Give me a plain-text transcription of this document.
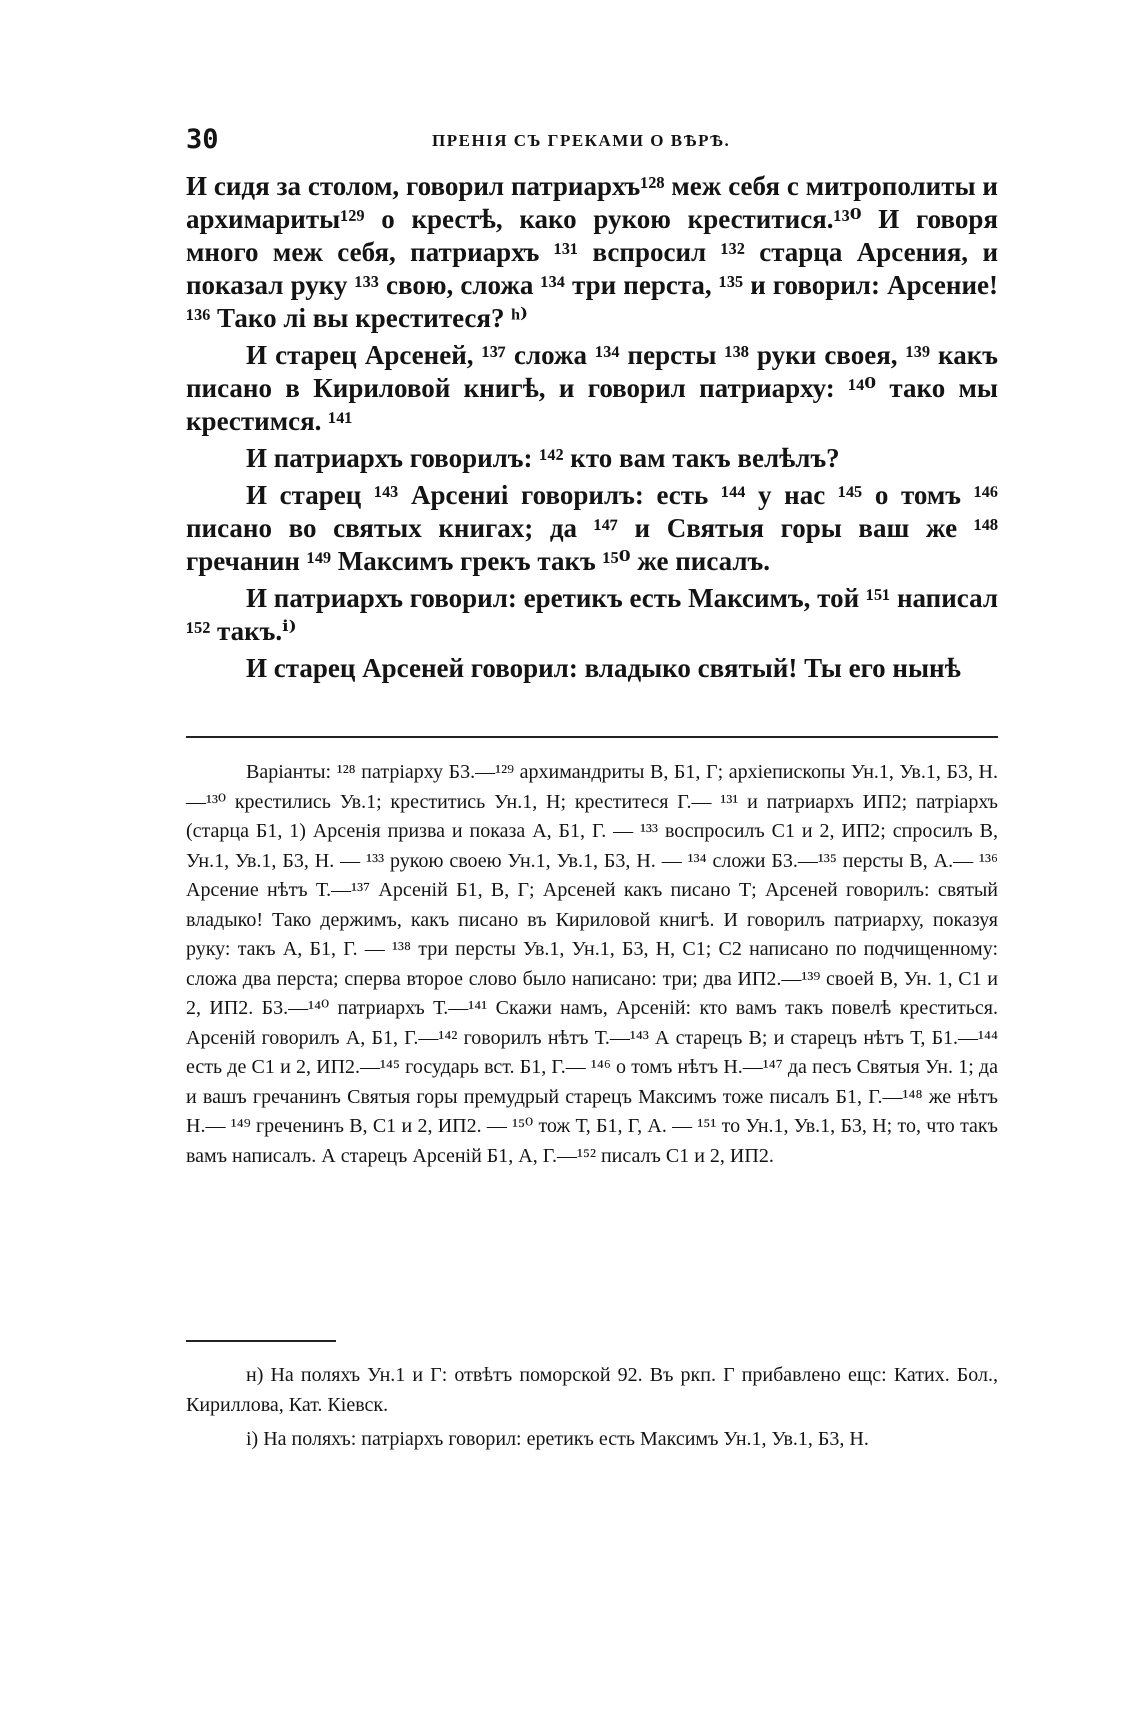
30	ПРЕНІЯ СЪ ГРЕКАМИ О ВѢРѢ.

И сидя за столом, говорил патриархъ¹²⁸ меж себя с митрополиты и архимариты¹²⁹ о крестѣ, како рукою креститися.¹³⁰ И говоря много меж себя, патриархъ ¹³¹ вспросил ¹³² старца Арсения, и показал руку ¹³³ свою, сложа ¹³⁴ три перста, ¹³⁵ и говорил: Арсение!¹³⁶ Тако лі вы креститеся? ʰ⁾

И старец Арсеней, ¹³⁷ сложа ¹³⁴ персты ¹³⁸ руки своея, ¹³⁹ какъ писано в Кириловой книгѣ, и говорил патриарху: ¹⁴⁰ тако мы крестимся. ¹⁴¹

И патриархъ говорилъ: ¹⁴² кто вам такъ велѣлъ?

И старец ¹⁴³ Арсениі говорилъ: есть ¹⁴⁴ у нас ¹⁴⁵ о томъ ¹⁴⁶ писано во святых книгах; да ¹⁴⁷ и Святыя горы ваш же ¹⁴⁸ гречанин ¹⁴⁹ Максимъ грекъ такъ ¹⁵⁰ же писалъ.

И патриархъ говорил: еретикъ есть Максимъ, той ¹⁵¹ написал ¹⁵² такъ.ⁱ⁾

И старец Арсеней говорил: владыко святый! Ты его нынѣ

Варіанты: ¹²⁸ патріарху Б3.—¹²⁹ архимандриты В, Б1, Г; архіепископы Ун.1, Ув.1, Б3, Н.—¹³⁰ крестились Ув.1; креститись Ун.1, Н; креститеся Г.— ¹³¹ и патриархъ ИП2; патріархъ (старца Б1, 1) Арсенія призва и показа А, Б1, Г. — ¹³³ воспросилъ С1 и 2, ИП2; спросилъ В, Ун.1, Ув.1, Б3, Н. — ¹³³ рукою своею Ун.1, Ув.1, Б3, Н. — ¹³⁴ сложи Б3.—¹³⁵ персты В, А.— ¹³⁶ Арсение нѣтъ Т.—¹³⁷ Арсеній Б1, В, Г; Арсеней какъ писано Т; Арсеней говорилъ: святый владыко! Тако держимъ, какъ писано въ Кириловой книгѣ. И говорилъ патриарху, показуя руку: такъ А, Б1, Г. — ¹³⁸ три персты Ув.1, Ун.1, Б3, Н, С1; С2 написано по подчищенному: сложа два перста; сперва второе слово было написано: три; два ИП2.—¹³⁹ своей В, Ун. 1, С1 и 2, ИП2. Б3.—¹⁴⁰ патриархъ Т.—¹⁴¹ Скажи намъ, Арсеній: кто вамъ такъ повелѣ креститься. Арсеній говорилъ А, Б1, Г.—¹⁴² говорилъ нѣтъ Т.—¹⁴³ А старецъ В; и старецъ нѣтъ Т, Б1.—¹⁴⁴ есть де С1 и 2, ИП2.—¹⁴⁵ государь вст. Б1, Г.— ¹⁴⁶ о томъ нѣтъ Н.—¹⁴⁷ да песъ Святыя Ун. 1; да и вашъ гречанинъ Святыя горы премудрый старецъ Максимъ тоже писалъ Б1, Г.—¹⁴⁸ же нѣтъ Н.— ¹⁴⁹ греченинъ В, С1 и 2, ИП2. — ¹⁵⁰ тож Т, Б1, Г, А. — ¹⁵¹ то Ун.1, Ув.1, Б3, Н; то, что такъ вамъ написалъ. А старецъ Арсеній Б1, А, Г.—¹⁵² писалъ С1 и 2, ИП2.

н) На поляхъ Ун.1 и Г: отвѣтъ поморской 92. Въ ркп. Г прибавлено ещс: Катих. Бол., Кириллова, Кат. Кіевск.

і) На поляхъ: патріархъ говорил: еретикъ есть Максимъ Ун.1, Ув.1, Б3, Н.
